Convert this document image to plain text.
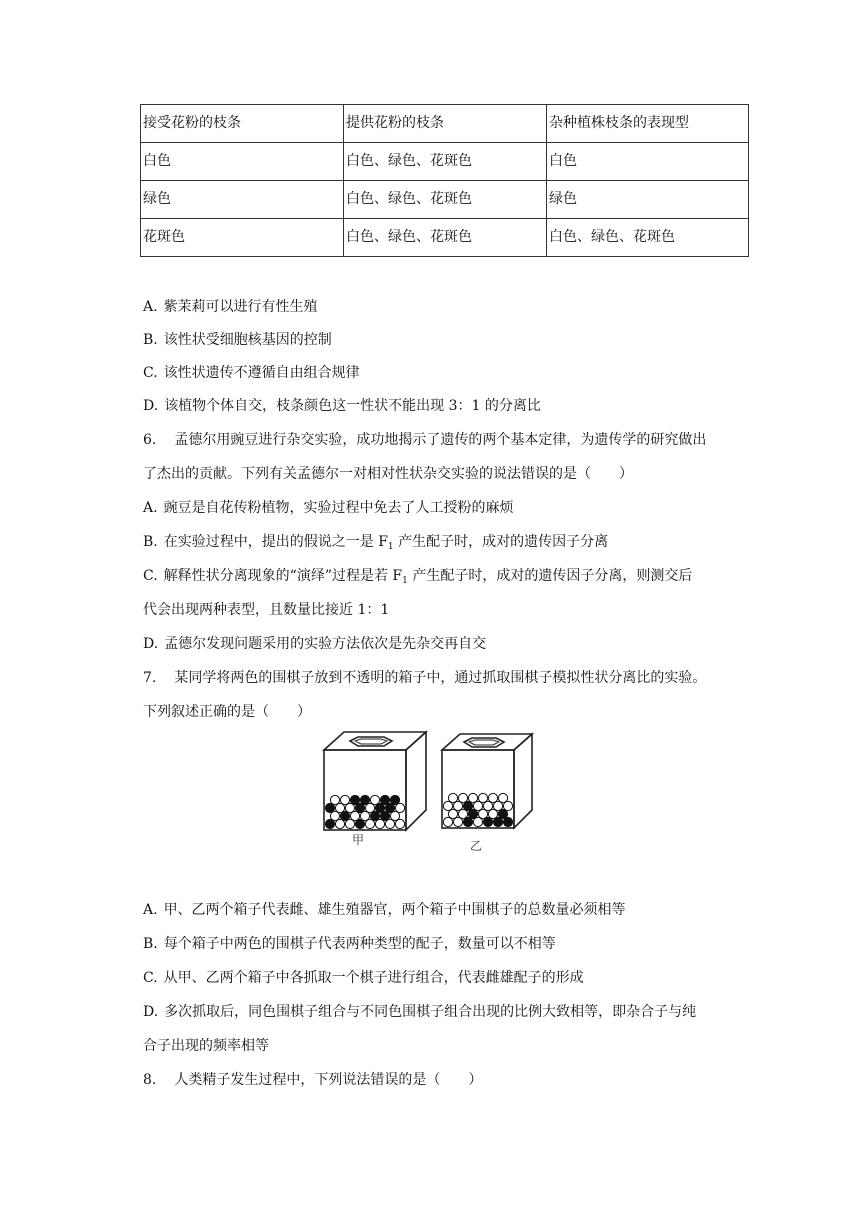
接受花粉的枝条	提供花粉的枝条	杂种植株枝条的表现型
白色	白色、绿色、花斑色	白色
绿色	白色、绿色、花斑色	绿色
花斑色	白色、绿色、花斑色	白色、绿色、花斑色
A. 紫茉莉可以进行有性生殖
B. 该性状受细胞核基因的控制
C. 该性状遗传不遵循自由组合规律
D. 该植物个体自交，枝条颜色这一性状不能出现 3：1 的分离比
6. 孟德尔用豌豆进行杂交实验，成功地揭示了遗传的两个基本定律，为遗传学的研究做出
了杰出的贡献。下列有关孟德尔一对相对性状杂交实验的说法错误的是（　　）
A. 豌豆是自花传粉植物，实验过程中免去了人工授粉的麻烦
B. 在实验过程中，提出的假说之一是 $F_1$ 产生配子时，成对的遗传因子分离
C. 解释性状分离现象的“演绎”过程是若 $F_1$ 产生配子时，成对的遗传因子分离，则测交后
代会出现两种表型，且数量比接近 1：1
D. 孟德尔发现问题采用的实验方法依次是先杂交再自交
7. 某同学将两色的围棋子放到不透明的箱子中，通过抓取围棋子模拟性状分离比的实验。
下列叙述正确的是（　　）
甲	乙
A. 甲、乙两个箱子代表雌、雄生殖器官，两个箱子中围棋子的总数量必须相等
B. 每个箱子中两色的围棋子代表两种类型的配子，数量可以不相等
C. 从甲、乙两个箱子中各抓取一个棋子进行组合，代表雌雄配子的形成
D. 多次抓取后，同色围棋子组合与不同色围棋子组合出现的比例大致相等，即杂合子与纯
合子出现的频率相等
8. 人类精子发生过程中，下列说法错误的是（　　）
